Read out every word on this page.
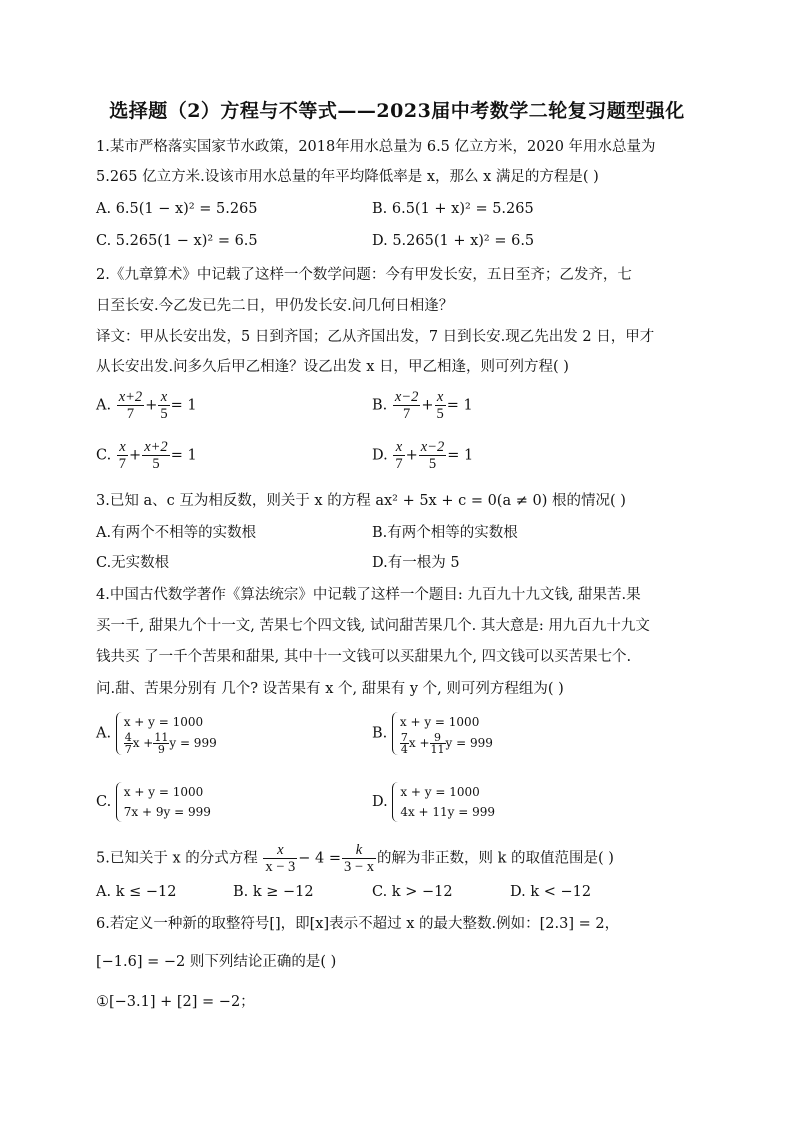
选择题（2）方程与不等式——2023届中考数学二轮复习题型强化
1.某市严格落实国家节水政策，2018年用水总量为 6.5 亿立方米，2020 年用水总量为
5.265 亿立方米.设该市用水总量的年平均降低率是 x，那么 x 满足的方程是( )
A. 6.5(1 − x)² = 5.265	B. 6.5(1 + x)² = 5.265
C. 5.265(1 − x)² = 6.5	D. 5.265(1 + x)² = 6.5
2.《九章算术》中记载了这样一个数学问题：今有甲发长安，五日至齐；乙发齐，七
日至长安.今乙发已先二日，甲仍发长安.问几何日相逢？
译文：甲从长安出发，5 日到齐国；乙从齐国出发，7 日到长安.现乙先出发 2 日，甲才
从长安出发.问多久后甲乙相逢？设乙出发 x 日，甲乙相逢，则可列方程( )
A. $\frac{x+2}{7} + \frac{x}{5} = 1$	B. $\frac{x-2}{7} + \frac{x}{5} = 1$
C. $\frac{x}{7} + \frac{x+2}{5} = 1$	D. $\frac{x}{7} + \frac{x-2}{5} = 1$
3.已知 a、c 互为相反数，则关于 x 的方程 ax² + 5x + c = 0(a ≠ 0) 根的情况( )
A.有两个不相等的实数根	B.有两个相等的实数根
C.无实数根	D.有一根为 5
4.中国古代数学著作《算法统宗》中记载了这样一个题目: 九百九十九文钱, 甜果苦.果
买一千, 甜果九个十一文, 苦果七个四文钱, 试问甜苦果几个. 其大意是: 用九百九十九文
钱共买 了一千个苦果和甜果, 其中十一文钱可以买甜果九个, 四文钱可以买苦果七个.
问.甜、苦果分别有 几个? 设苦果有 x 个, 甜果有 y 个, 则可列方程组为( )
A.
x + y = 1000
$\frac{4}{7}$ $x + \frac{11}{9}$ y = 999
B.
x + y = 1000
$\frac{7}{4}$ $x + \frac{9}{11}$ y = 999
C.
x + y = 1000
7x + 9y = 999
D.
x + y = 1000
4x + 11y = 999
5.已知关于 x 的分式方程 $\frac{x}{x - 3} - 4 = \frac{k}{3 - x}$ 的解为非正数，则 k 的取值范围是( )
A. k ≤ −12	B. k ≥ −12	C. k > −12	D. k < −12
6.若定义一种新的取整符号[]，即[x]表示不超过 x 的最大整数.例如：[2.3] = 2，
[−1.6] = −2 则下列结论正确的是( )
①[−3.1] + [2] = −2；
